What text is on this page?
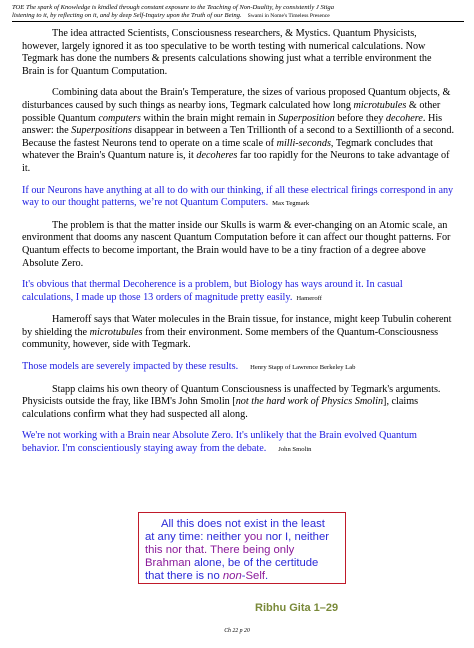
TOE The spark of Knowledge is kindled through constant exposure to the Teaching of Non-Duality, by consistently J Stiga
listening to it, by reflecting on it, and by deep Self-Inquiry upon the Truth of our Being. Swami in Nome's Timeless Presence

The idea attracted Scientists, Consciousness researchers, & Mystics. Quantum Physicists, however, largely ignored it as too speculative to be worth testing with numerical calculations. Now Tegmark has done the numbers & presents calculations showing just what a terrible environment the Brain is for Quantum Computation.

Combining data about the Brain's Temperature, the sizes of various proposed Quantum objects, & disturbances caused by such things as nearby ions, Tegmark calculated how long microtubules & other possible Quantum computers within the brain might remain in Superposition before they decohere. His answer: the Superpositions disappear in between a Ten Trillionth of a second to a Sextillionth of a second. Because the fastest Neurons tend to operate on a time scale of milli-seconds, Tegmark concludes that whatever the Brain's Quantum nature is, it decoheres far too rapidly for the Neurons to take advantage of it.

If our Neurons have anything at all to do with our thinking, if all these electrical firings correspond in any way to our thought patterns, we’re not Quantum Computers. Max Tegmark

The problem is that the matter inside our Skulls is warm & ever-changing on an Atomic scale, an environment that dooms any nascent Quantum Computation before it can affect our thought patterns. For Quantum effects to become important, the Brain would have to be a tiny fraction of a degree above Absolute Zero.

It's obvious that thermal Decoherence is a problem, but Biology has ways around it. In casual calculations, I made up those 13 orders of magnitude pretty easily. Hameroff

Hameroff says that Water molecules in the Brain tissue, for instance, might keep Tubulin coherent by shielding the microtubules from their environment. Some members of the Quantum-Consciousness community, however, side with Tegmark.

Those models are severely impacted by these results. Henry Stapp of Lawrence Berkeley Lab

Stapp claims his own theory of Quantum Consciousness is unaffected by Tegmark's arguments. Physicists outside the fray, like IBM's John Smolin [not the hard work of Physics Smolin], claims calculations confirm what they had suspected all along.

We're not working with a Brain near Absolute Zero. It's unlikely that the Brain evolved Quantum behavior. I'm conscientiously staying away from the debate. John Smolin

All this does not exist in the least
at any time: neither you nor I, neither
this nor that. There being only
Brahman alone, be of the certitude
that there is no non-Self.
Ribhu Gita 1–29
Ch 22 p 20
